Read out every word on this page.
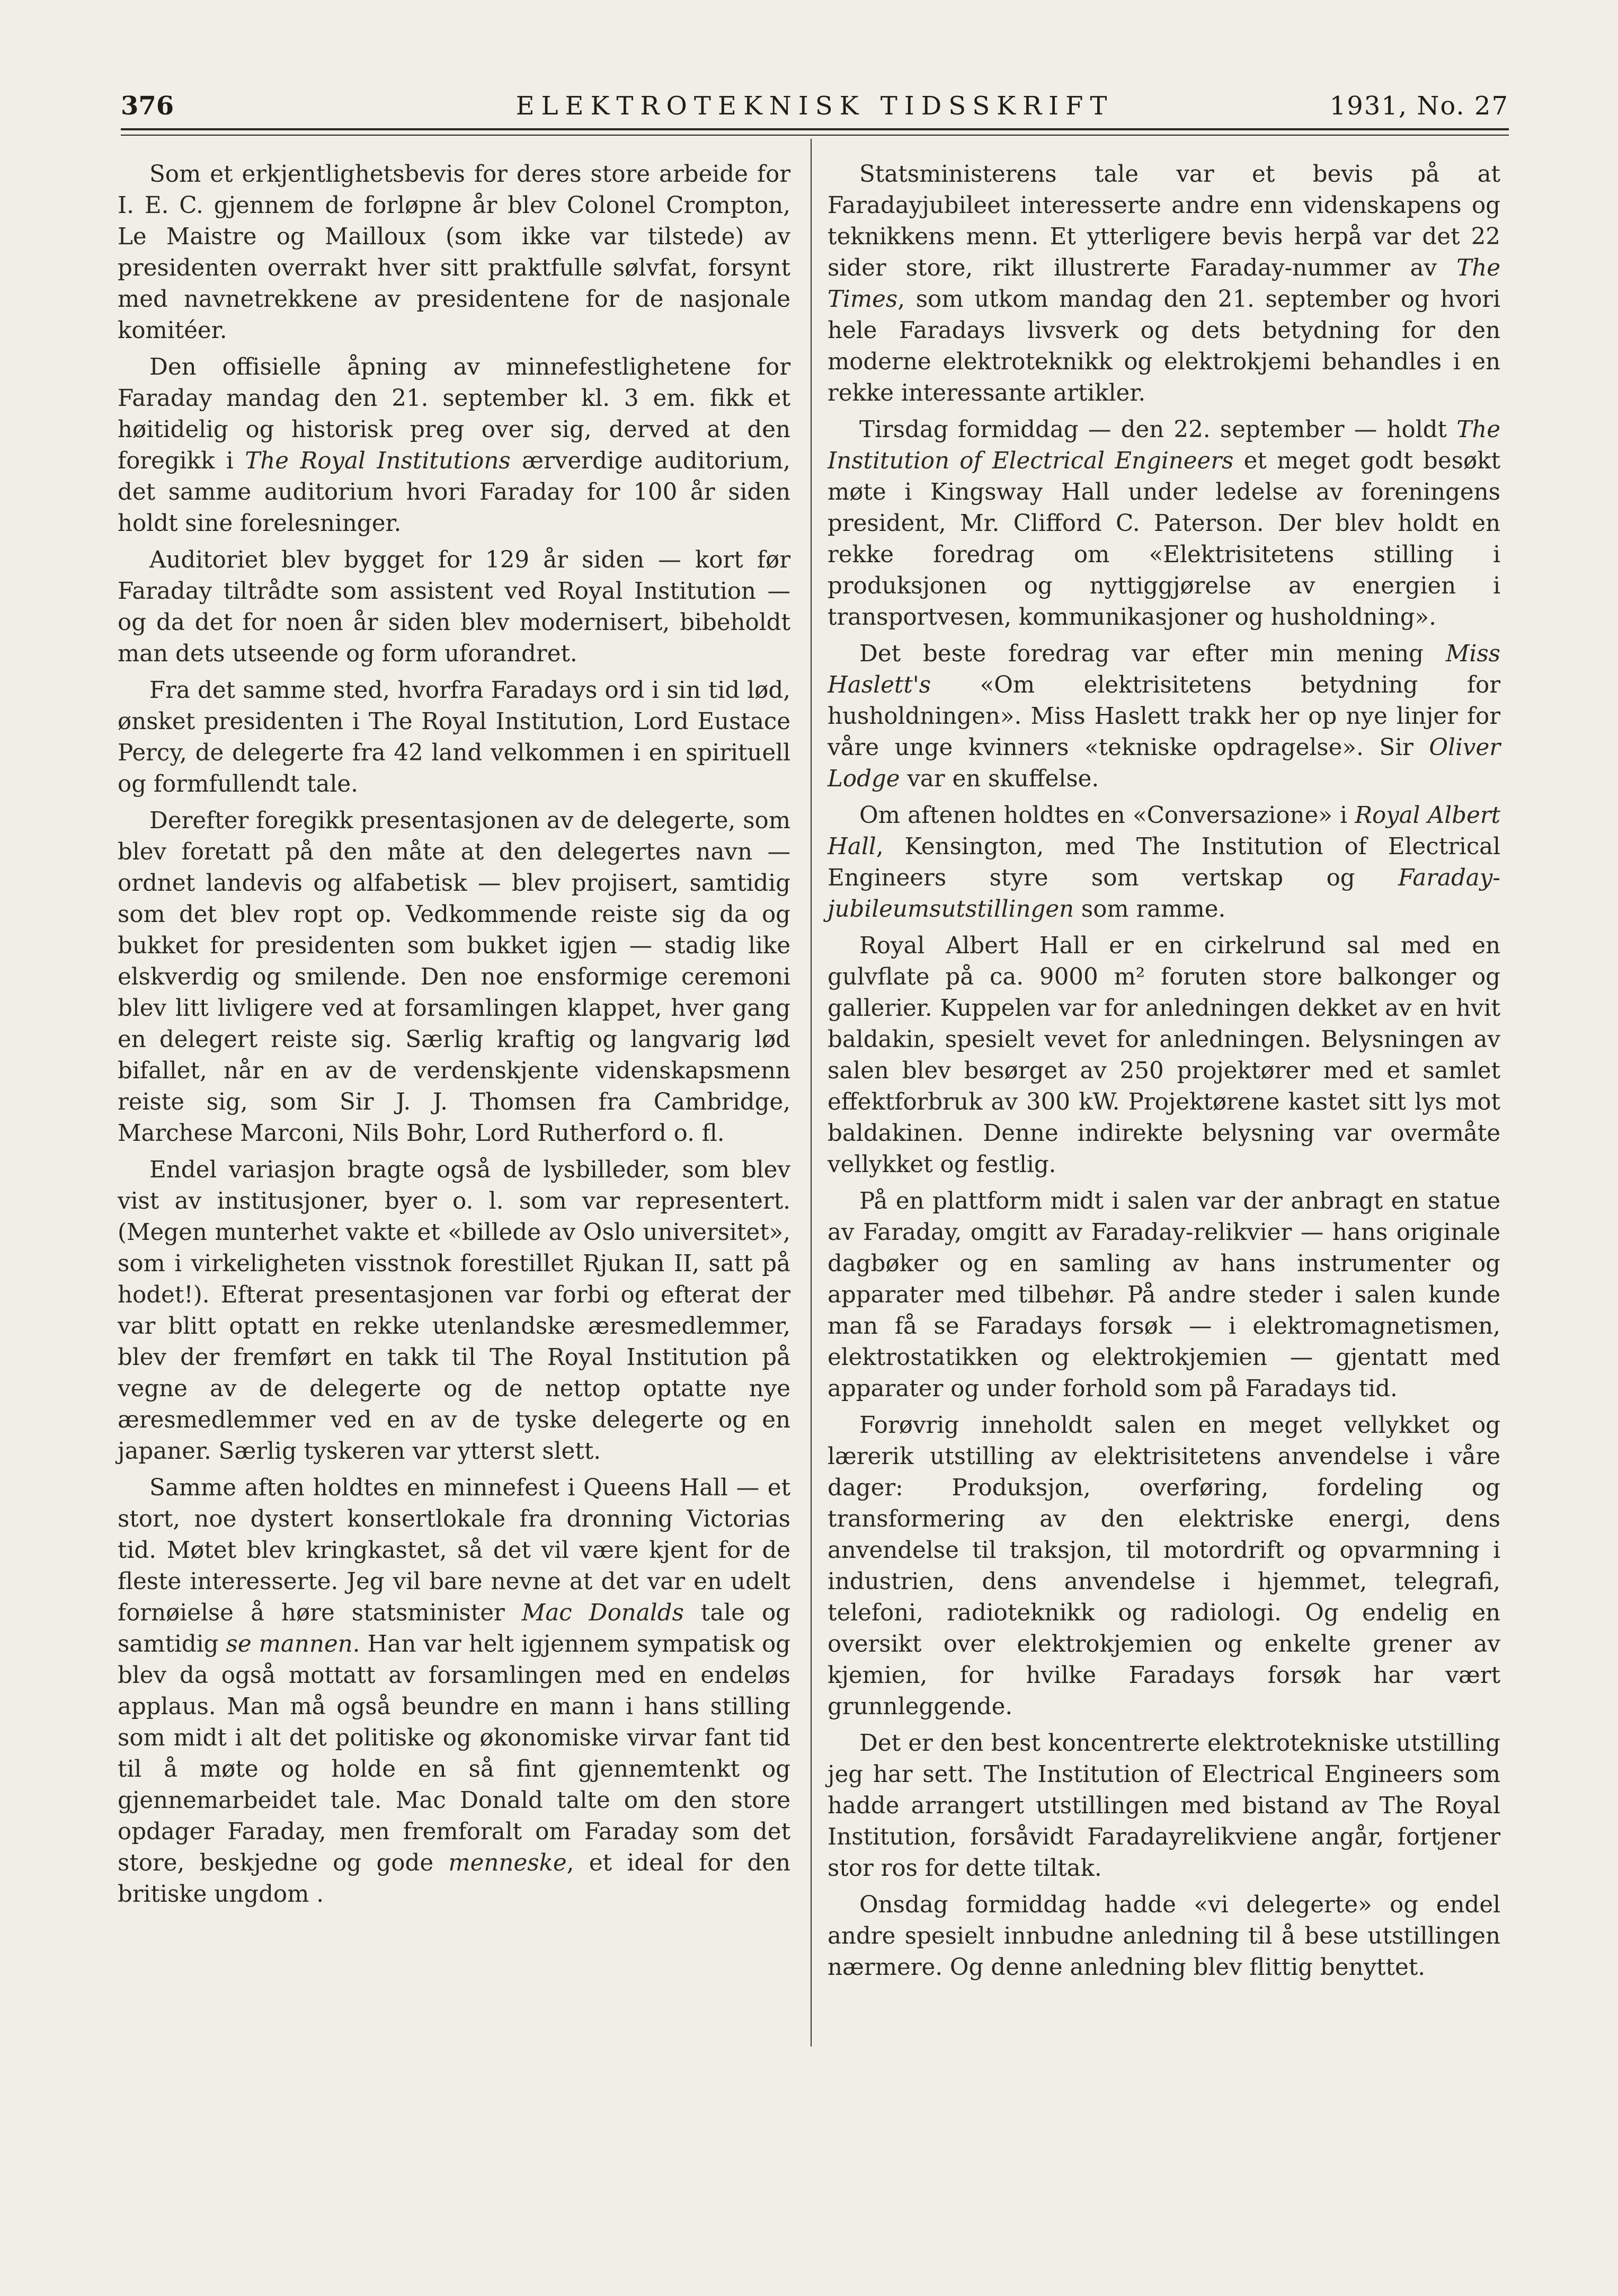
376	ELEKTROTEKNISK TIDSSKRIFT	1931, No. 27

Som et erkjentlighetsbevis for deres store arbeide for I. E. C. gjennem de forløpne år blev Colonel Crompton, Le Maistre og Mailloux (som ikke var tilstede) av presidenten overrakt hver sitt praktfulle sølvfat, forsynt med navnetrekkene av presidentene for de nasjonale komitéer.

Den offisielle åpning av minnefestlighetene for Faraday mandag den 21. september kl. 3 em. fikk et høitidelig og historisk preg over sig, derved at den foregikk i The Royal Institutions ærverdige auditorium, det samme auditorium hvori Faraday for 100 år siden holdt sine forelesninger.

Auditoriet blev bygget for 129 år siden — kort før Faraday tiltrådte som assistent ved Royal Institution — og da det for noen år siden blev modernisert, bibeholdt man dets utseende og form uforandret.

Fra det samme sted, hvorfra Faradays ord i sin tid lød, ønsket presidenten i The Royal Institution, Lord Eustace Percy, de delegerte fra 42 land velkommen i en spirituell og formfullendt tale.

Derefter foregikk presentasjonen av de delegerte, som blev foretatt på den måte at den delegertes navn — ordnet landevis og alfabetisk — blev projisert, samtidig som det blev ropt op. Vedkommende reiste sig da og bukket for presidenten som bukket igjen — stadig like elskverdig og smilende. Den noe ensformige ceremoni blev litt livligere ved at forsamlingen klappet, hver gang en delegert reiste sig. Særlig kraftig og langvarig lød bifallet, når en av de verdenskjente videnskapsmenn reiste sig, som Sir J. J. Thomsen fra Cambridge, Marchese Marconi, Nils Bohr, Lord Rutherford o. fl.

Endel variasjon bragte også de lysbilleder, som blev vist av institusjoner, byer o. l. som var representert. (Megen munterhet vakte et «billede av Oslo universitet», som i virkeligheten visstnok forestillet Rjukan II, satt på hodet!). Efterat presentasjonen var forbi og efterat der var blitt optatt en rekke utenlandske æresmedlemmer, blev der fremført en takk til The Royal Institution på vegne av de delegerte og de nettop optatte nye æresmedlemmer ved en av de tyske delegerte og en japaner. Særlig tyskeren var ytterst slett.

Samme aften holdtes en minnefest i Queens Hall — et stort, noe dystert konsertlokale fra dronning Victorias tid. Møtet blev kringkastet, så det vil være kjent for de fleste interesserte. Jeg vil bare nevne at det var en udelt fornøielse å høre statsminister Mac Donalds tale og samtidig se mannen. Han var helt igjennem sympatisk og blev da også mottatt av forsamlingen med en endeløs applaus. Man må også beundre en mann i hans stilling som midt i alt det politiske og økonomiske virvar fant tid til å møte og holde en så fint gjennemtenkt og gjennemarbeidet tale. Mac Donald talte om den store opdager Faraday, men fremforalt om Faraday som det store, beskjedne og gode menneske, et ideal for den britiske ungdom .

Statsministerens tale var et bevis på at Faradayjubileet interesserte andre enn videnskapens og teknikkens menn. Et ytterligere bevis herpå var det 22 sider store, rikt illustrerte Faraday-nummer av The Times, som utkom mandag den 21. september og hvori hele Faradays livsverk og dets betydning for den moderne elektroteknikk og elektrokjemi behandles i en rekke interessante artikler.

Tirsdag formiddag — den 22. september — holdt The Institution of Electrical Engineers et meget godt besøkt møte i Kingsway Hall under ledelse av foreningens president, Mr. Clifford C. Paterson. Der blev holdt en rekke foredrag om «Elektrisitetens stilling i produksjonen og nyttiggjørelse av energien i transportvesen, kommunikasjoner og husholdning».

Det beste foredrag var efter min mening Miss Haslett's «Om elektrisitetens betydning for husholdningen». Miss Haslett trakk her op nye linjer for våre unge kvinners «tekniske opdragelse». Sir Oliver Lodge var en skuffelse.

Om aftenen holdtes en «Conversazione» i Royal Albert Hall, Kensington, med The Institution of Electrical Engineers styre som vertskap og Faraday-jubileumsutstillingen som ramme.

Royal Albert Hall er en cirkelrund sal med en gulvflate på ca. 9000 m² foruten store balkonger og gallerier. Kuppelen var for anledningen dekket av en hvit baldakin, spesielt vevet for anledningen. Belysningen av salen blev besørget av 250 projektører med et samlet effektforbruk av 300 kW. Projektørene kastet sitt lys mot baldakinen. Denne indirekte belysning var overmåte vellykket og festlig.

På en plattform midt i salen var der anbragt en statue av Faraday, omgitt av Faraday-relikvier — hans originale dagbøker og en samling av hans instrumenter og apparater med tilbehør. På andre steder i salen kunde man få se Faradays forsøk — i elektromagnetismen, elektrostatikken og elektrokjemien — gjentatt med apparater og under forhold som på Faradays tid.

Forøvrig inneholdt salen en meget vellykket og lærerik utstilling av elektrisitetens anvendelse i våre dager: Produksjon, overføring, fordeling og transformering av den elektriske energi, dens anvendelse til traksjon, til motordrift og opvarmning i industrien, dens anvendelse i hjemmet, telegrafi, telefoni, radioteknikk og radiologi. Og endelig en oversikt over elektrokjemien og enkelte grener av kjemien, for hvilke Faradays forsøk har vært grunnleggende.

Det er den best koncentrerte elektrotekniske utstilling jeg har sett. The Institution of Electrical Engineers som hadde arrangert utstillingen med bistand av The Royal Institution, forsåvidt Faradayrelikviene angår, fortjener stor ros for dette tiltak.

Onsdag formiddag hadde «vi delegerte» og endel andre spesielt innbudne anledning til å bese utstillingen nærmere. Og denne anledning blev flittig benyttet.
